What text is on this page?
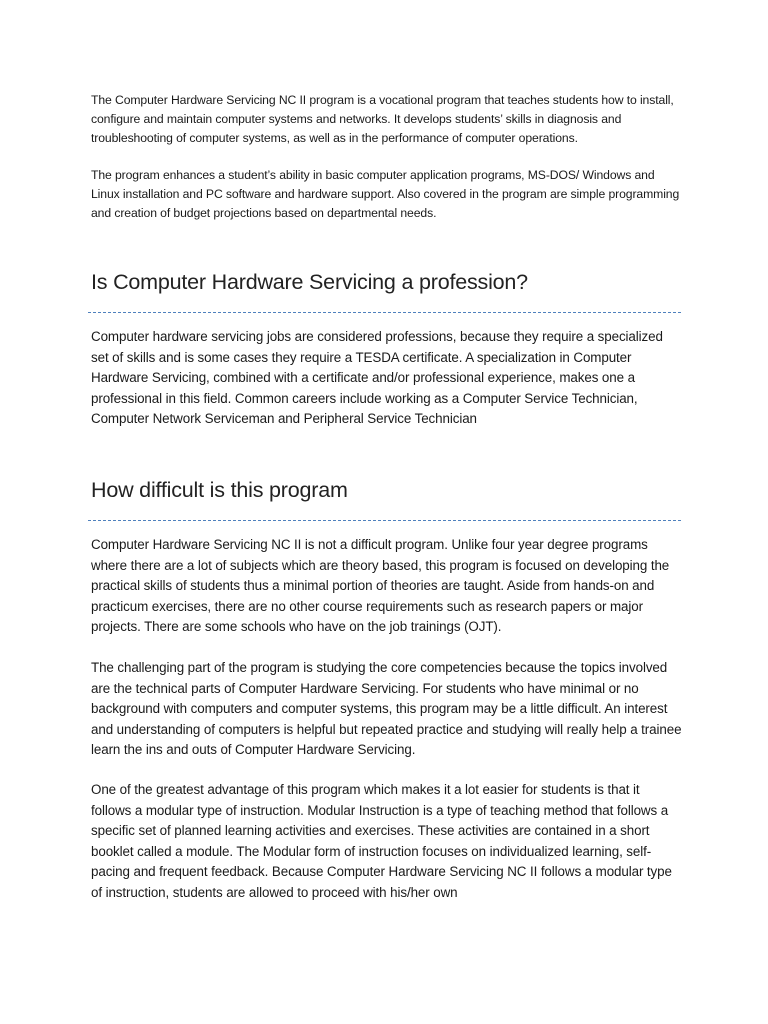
The Computer Hardware Servicing NC II program is a vocational program that teaches students how to install, configure and maintain computer systems and networks. It develops students’ skills in diagnosis and troubleshooting of computer systems, as well as in the performance of computer operations.

The program enhances a student’s ability in basic computer application programs, MS-DOS/ Windows and Linux installation and PC software and hardware support. Also covered in the program are simple programming and creation of budget projections based on departmental needs.

Is Computer Hardware Servicing a profession?

Computer hardware servicing jobs are considered professions, because they require a specialized set of skills and is some cases they require a TESDA certificate. A specialization in Computer Hardware Servicing, combined with a certificate and/or professional experience, makes one a professional in this field. Common careers include working as a Computer Service Technician, Computer Network Serviceman and Peripheral Service Technician

How difficult is this program

Computer Hardware Servicing NC II is not a difficult program. Unlike four year degree programs where there are a lot of subjects which are theory based, this program is focused on developing the practical skills of students thus a minimal portion of theories are taught. Aside from hands-on and practicum exercises, there are no other course requirements such as research papers or major projects. There are some schools who have on the job trainings (OJT).

The challenging part of the program is studying the core competencies because the topics involved are the technical parts of Computer Hardware Servicing. For students who have minimal or no background with computers and computer systems, this program may be a little difficult. An interest and understanding of computers is helpful but repeated practice and studying will really help a trainee learn the ins and outs of Computer Hardware Servicing.

One of the greatest advantage of this program which makes it a lot easier for students is that it follows a modular type of instruction. Modular Instruction is a type of teaching method that follows a specific set of planned learning activities and exercises. These activities are contained in a short booklet called a module. The Modular form of instruction focuses on individualized learning, self-pacing and frequent feedback. Because Computer Hardware Servicing NC II follows a modular type of instruction, students are allowed to proceed with his/her own
